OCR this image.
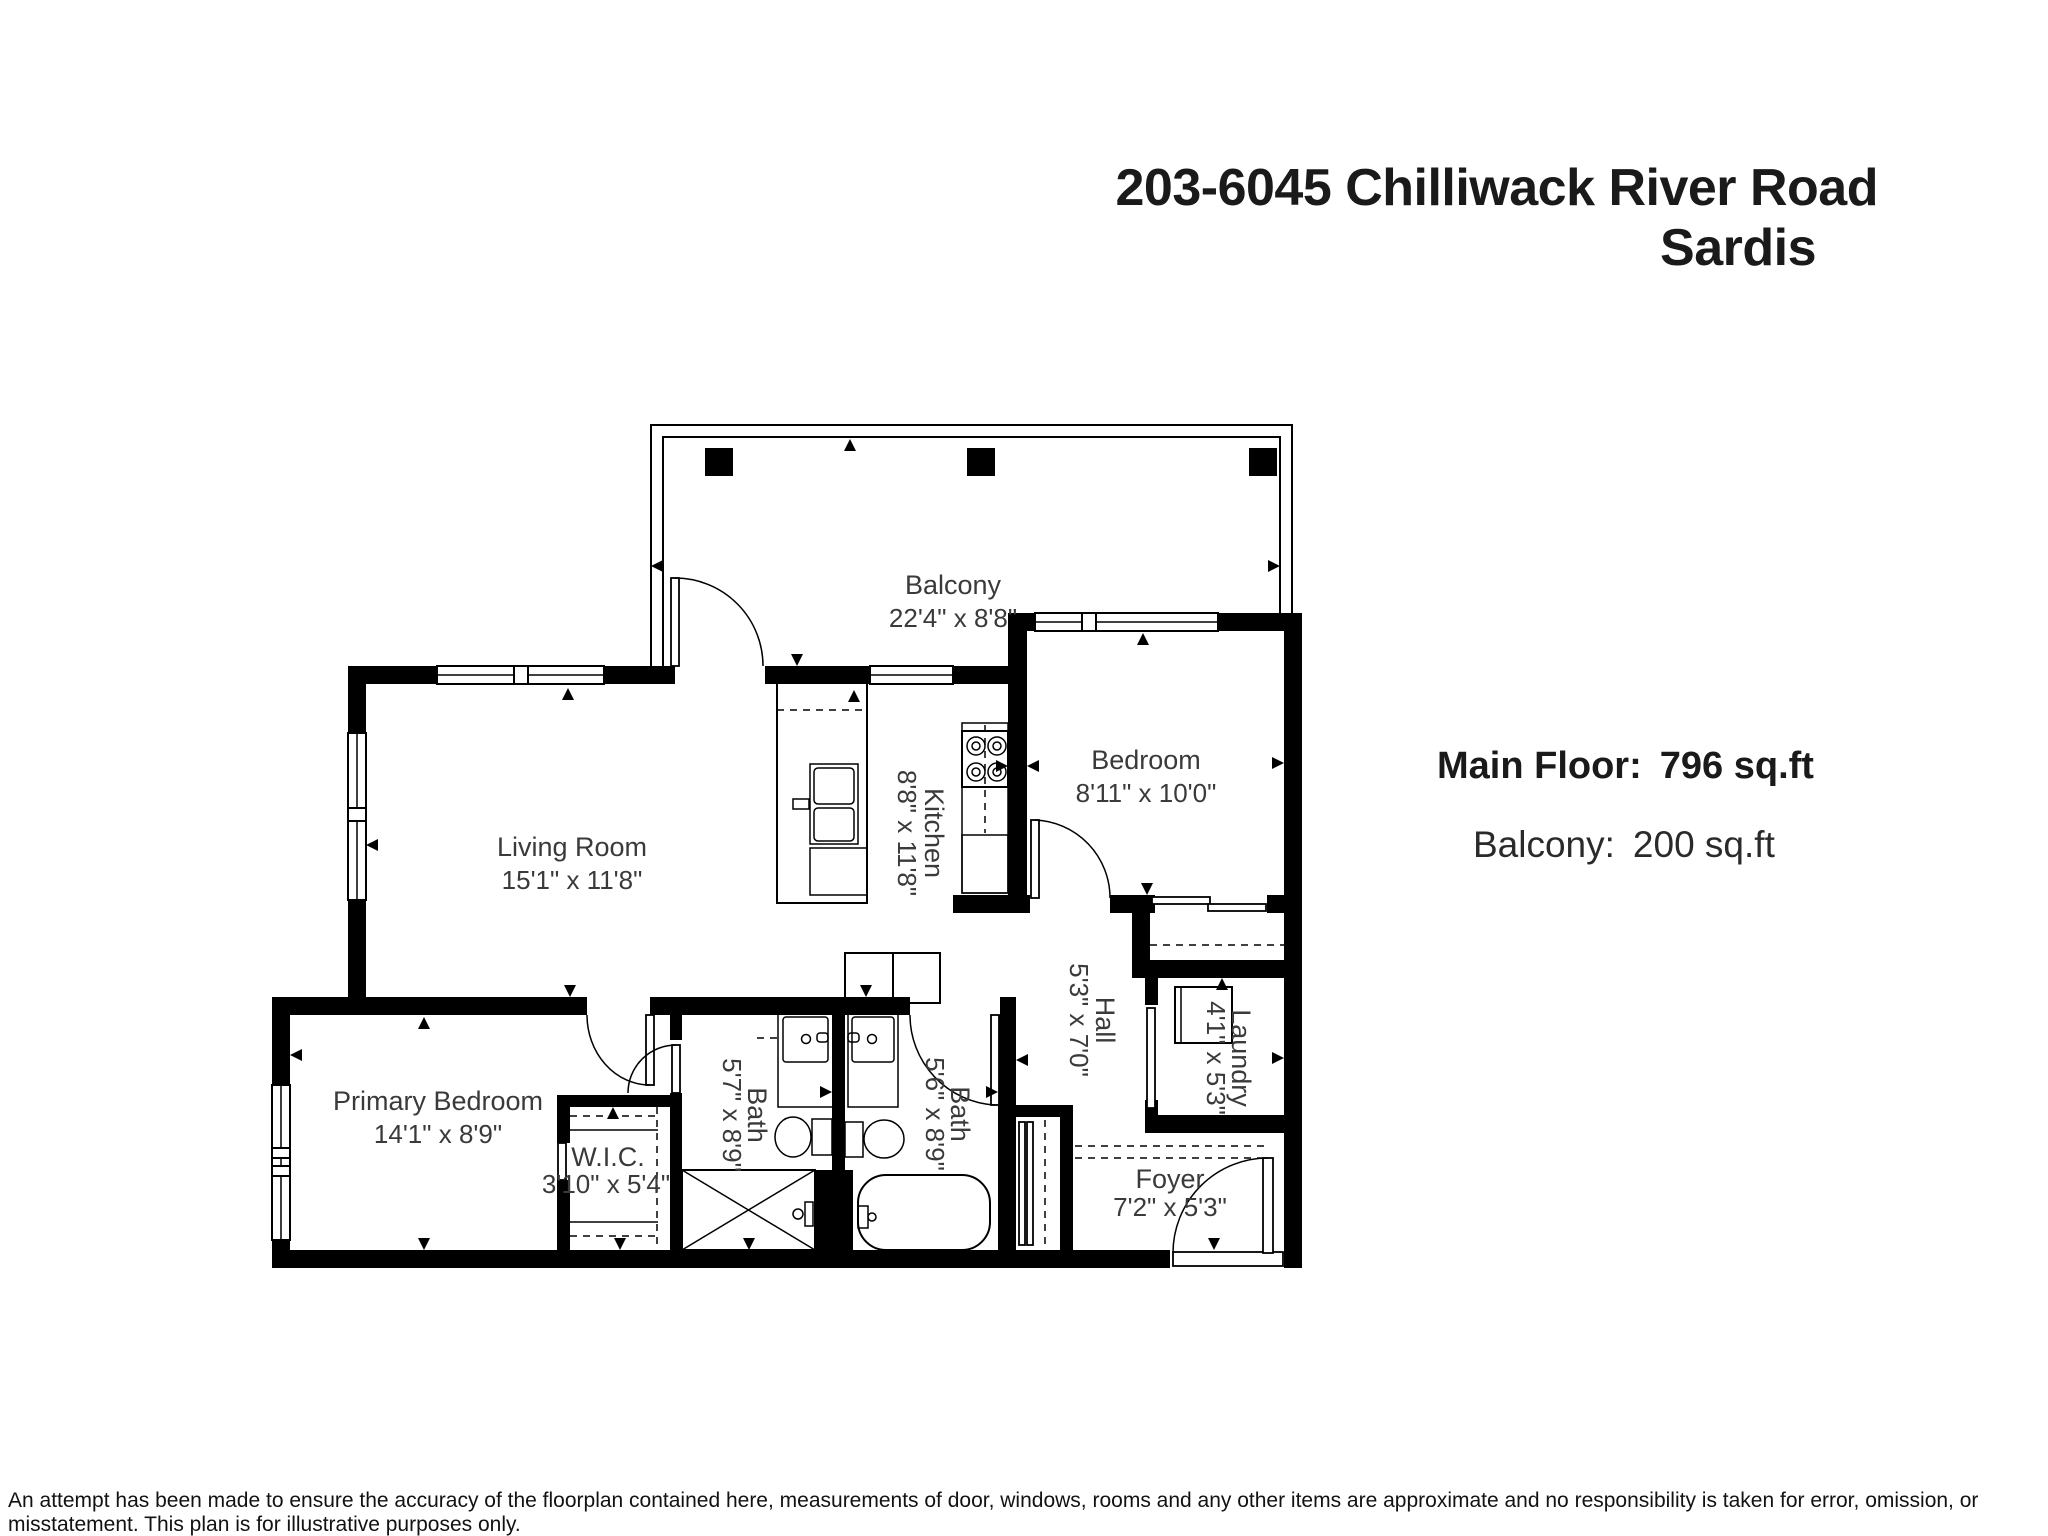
203-6045 Chilliwack River Road
Sardis
Main Floor: 796 sq.ft
Balcony: 200 sq.ft
Balcony
22'4" x 8'8"
Living Room
15'1" x 11'8"
Kitchen
8'8" x 11'8"
Bedroom
8'11" x 10'0"
Primary Bedroom
14'1" x 8'9"
W.I.C.
3'10" x 5'4"
Bath
5'7" x 8'9"	Bath
5'6" x 8'9"
Hall
5'3" x 7'0"	Laundry
4'1" x 5'3"
Foyer
7'2" x 5'3"
An attempt has been made to ensure the accuracy of the floorplan contained here, measurements of door, windows, rooms and any other items are approximate and no responsibility is taken for error, omission, or misstatement. This plan is for illustrative purposes only.
